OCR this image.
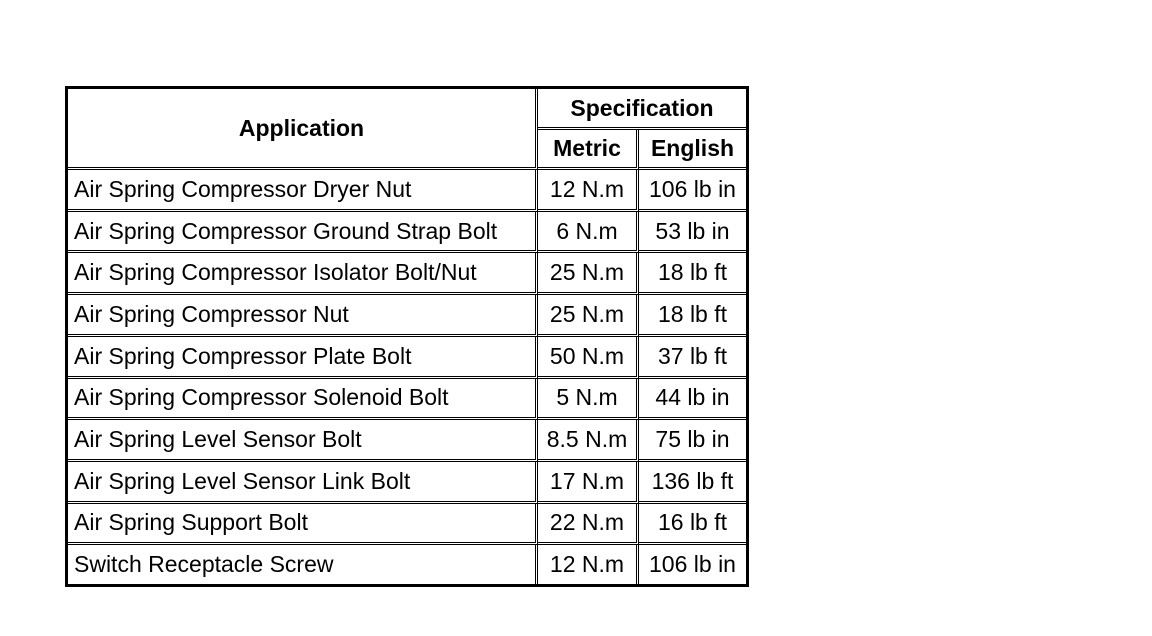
Application	Specification	
	Metric	English
Air Spring Compressor Dryer Nut	12 N.m	106 lb in
Air Spring Compressor Ground Strap Bolt	6 N.m	53 lb in
Air Spring Compressor Isolator Bolt/Nut	25 N.m	18 lb ft
Air Spring Compressor Nut	25 N.m	18 lb ft
Air Spring Compressor Plate Bolt	50 N.m	37 lb ft
Air Spring Compressor Solenoid Bolt	5 N.m	44 lb in
Air Spring Level Sensor Bolt	8.5 N.m	75 lb in
Air Spring Level Sensor Link Bolt	17 N.m	136 lb ft
Air Spring Support Bolt	22 N.m	16 lb ft
Switch Receptacle Screw	12 N.m	106 lb in
